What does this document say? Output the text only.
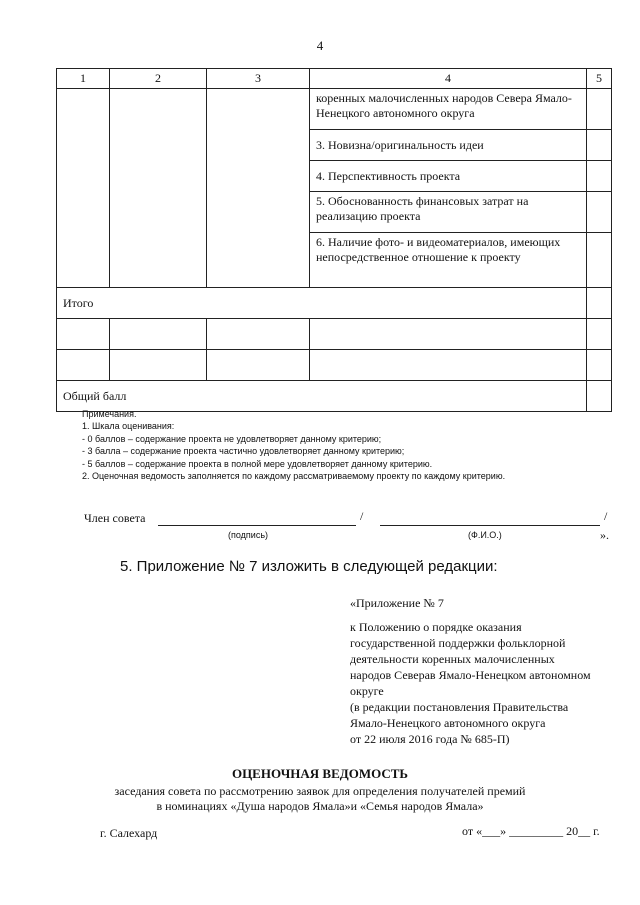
4
1	2	3	4	5
			коренных малочисленных народов Севера Ямало-Ненецкого автономного округа	
			3. Новизна/оригинальность идеи	
			4. Перспективность проекта	
			5. Обоснованность финансовых затрат на реализацию проекта	
			6. Наличие фото- и видеоматериалов, имеющих непосредственное отношение к проекту	
Итого				

Общий балл				
Примечания.
1. Шкала оценивания:
- 0 баллов – содержание проекта не удовлетворяет данному критерию;
- 3 балла – содержание проекта частично удовлетворяет данному критерию;
- 5 баллов – содержание проекта в полной мере удовлетворяет данному критерию.
2. Оценочная ведомость заполняется по каждому рассматриваемому проекту по каждому критерию.
Член совета	/	/
(подпись)	(Ф.И.О.)	».
5. Приложение № 7 изложить в следующей редакции:
«Приложение № 7
к Положению о порядке оказания
государственной поддержки фольклорной
деятельности коренных малочисленных
народов Северав Ямало-Ненецком автономном
округе
(в редакции постановления Правительства
Ямало-Ненецкого автономного округа
от 22 июля 2016 года № 685-П)
ОЦЕНОЧНАЯ ВЕДОМОСТЬ
заседания совета по рассмотрению заявок для определения получателей премий
в номинациях «Душа народов Ямала»и «Семья народов Ямала»
г. Салехард	от «___» _________ 20__ г.
